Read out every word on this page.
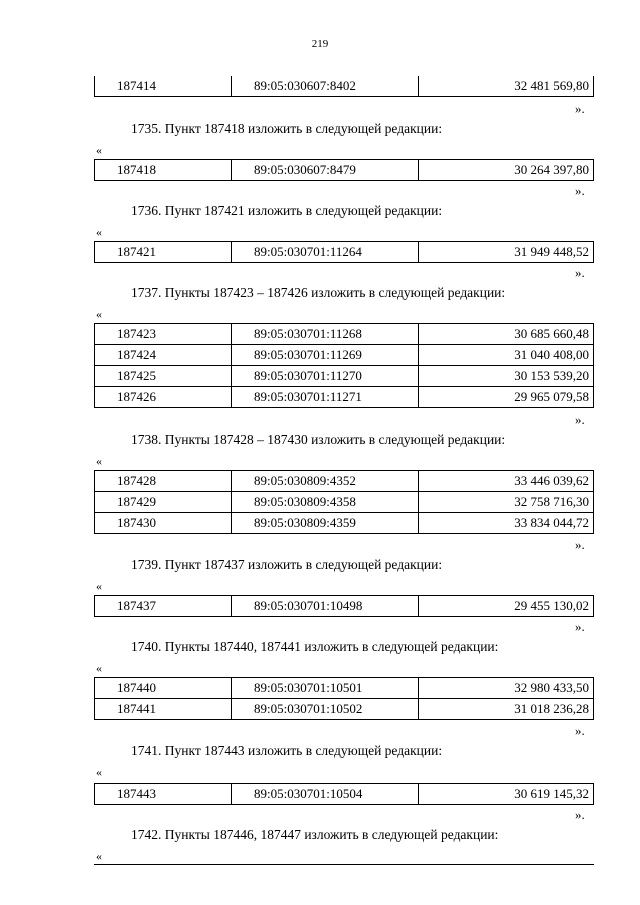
219
187414	89:05:030607:8402	32 481 569,80
».
1735. Пункт 187418 изложить в следующей редакции:
«
187418	89:05:030607:8479	30 264 397,80
».
1736. Пункт 187421 изложить в следующей редакции:
«
187421	89:05:030701:11264	31 949 448,52
».
1737. Пункты 187423 – 187426 изложить в следующей редакции:
«
187423	89:05:030701:11268	30 685 660,48
187424	89:05:030701:11269	31 040 408,00
187425	89:05:030701:11270	30 153 539,20
187426	89:05:030701:11271	29 965 079,58
».
1738. Пункты 187428 – 187430 изложить в следующей редакции:
«
187428	89:05:030809:4352	33 446 039,62
187429	89:05:030809:4358	32 758 716,30
187430	89:05:030809:4359	33 834 044,72
».
1739. Пункт 187437 изложить в следующей редакции:
«
187437	89:05:030701:10498	29 455 130,02
».
1740. Пункты 187440, 187441 изложить в следующей редакции:
«
187440	89:05:030701:10501	32 980 433,50
187441	89:05:030701:10502	31 018 236,28
».
1741. Пункт 187443 изложить в следующей редакции:
«
187443	89:05:030701:10504	30 619 145,32
».
1742. Пункты 187446, 187447 изложить в следующей редакции:
«
